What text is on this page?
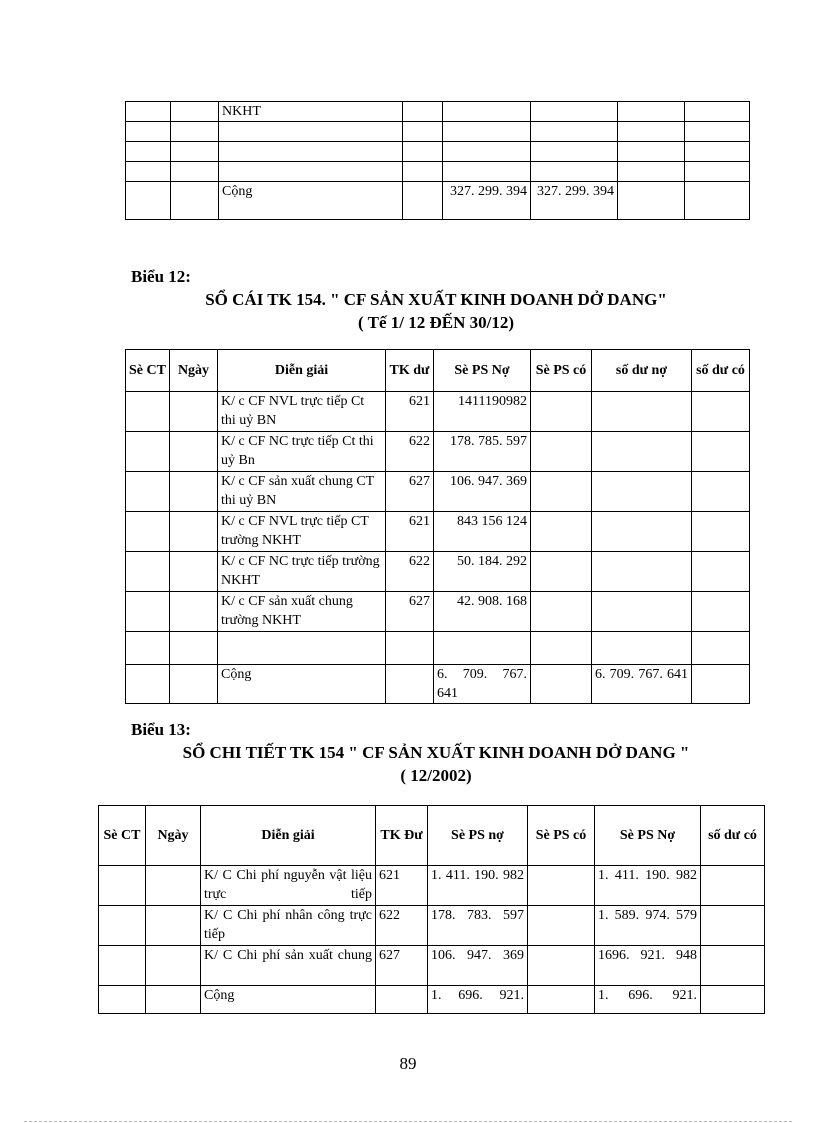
		NKHT					

		Cộng		327. 299. 394	327. 299. 394		
Biểu 12:
SỔ CÁI TK 154. " CF SẢN XUẤT KINH DOANH DỞ DANG"
( Tế 1/ 12 ĐẾN 30/12)
Sè CT	Ngày	Diễn giải	TK dư	Sè PS Nợ	Sè PS có	số dư nợ	số dư có
		K/ c CF NVL trực tiếp Ct thi uỷ BN	621	1411190982			
		K/ c CF NC trực tiếp Ct thi uỷ Bn	622	178. 785. 597			
		K/ c CF sản xuất chung CT thi uỷ BN	627	106. 947. 369			
		K/ c CF NVL trực tiếp CT trường NKHT	621	843 156 124			
		K/ c CF NC trực tiếp trường NKHT	622	50. 184. 292			
		K/ c CF sản xuất chung trường NKHT	627	42. 908. 168			

		Cộng		6. 709. 767. 641		6. 709. 767. 641	
Biểu 13:
SỔ CHI TIẾT TK 154 " CF SẢN XUẤT KINH DOANH DỞ DANG "
( 12/2002)
Sè CT	Ngày	Diễn giải	TK Đư	Sè PS nợ	Sè PS có	Sè PS Nợ	số dư có
		K/ C Chi phí nguyễn vật liệu trực tiếp	621	1. 411. 190. 982		1. 411. 190. 982	
		K/ C Chi phí nhân công trực tiếp	622	178. 783. 597		1. 589. 974. 579	
		K/ C Chi phí sản xuất chung	627	106. 947. 369		1696. 921. 948	
		Cộng		1. 696. 921.		1. 696. 921.	
89
